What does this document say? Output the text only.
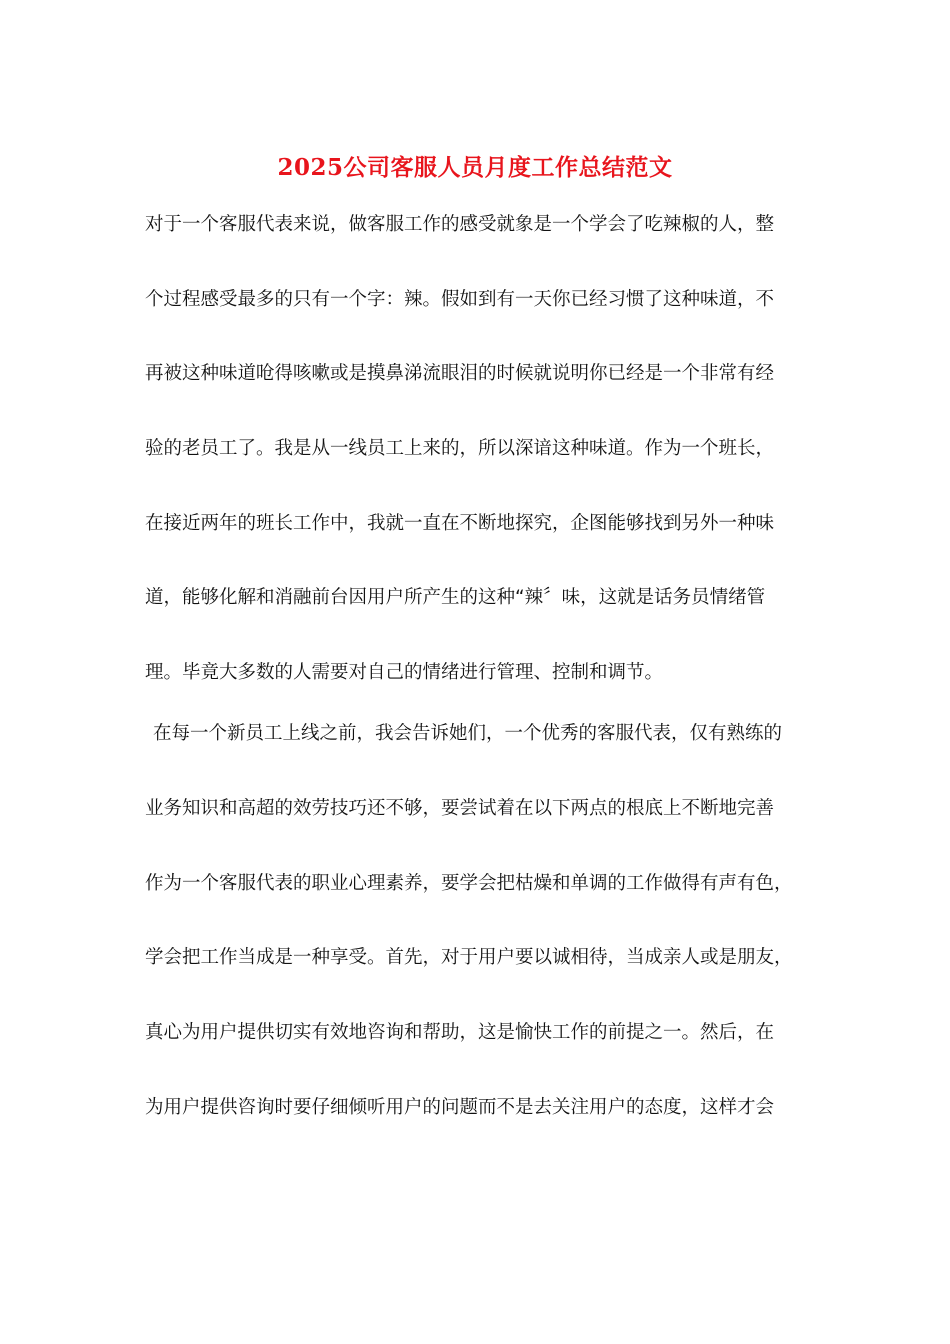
2025公司客服人员月度工作总结范文
对于一个客服代表来说，做客服工作的感受就象是一个学会了吃辣椒的人，整
个过程感受最多的只有一个字：辣。假如到有一天你已经习惯了这种味道，不
再被这种味道呛得咳嗽或是摸鼻涕流眼泪的时候就说明你已经是一个非常有经
验的老员工了。我是从一线员工上来的，所以深谙这种味道。作为一个班长，
在接近两年的班长工作中，我就一直在不断地探究，企图能够找到另外一种味
道，能够化解和消融前台因用户所产生的这种“辣〞味，这就是话务员情绪管
理。毕竟大多数的人需要对自己的情绪进行管理、控制和调节。
在每一个新员工上线之前，我会告诉她们，一个优秀的客服代表，仅有熟练的
业务知识和高超的效劳技巧还不够，要尝试着在以下两点的根底上不断地完善
作为一个客服代表的职业心理素养，要学会把枯燥和单调的工作做得有声有色，
学会把工作当成是一种享受。首先，对于用户要以诚相待，当成亲人或是朋友，
真心为用户提供切实有效地咨询和帮助，这是愉快工作的前提之一。然后，在
为用户提供咨询时要仔细倾听用户的问题而不是去关注用户的态度，这样才会
